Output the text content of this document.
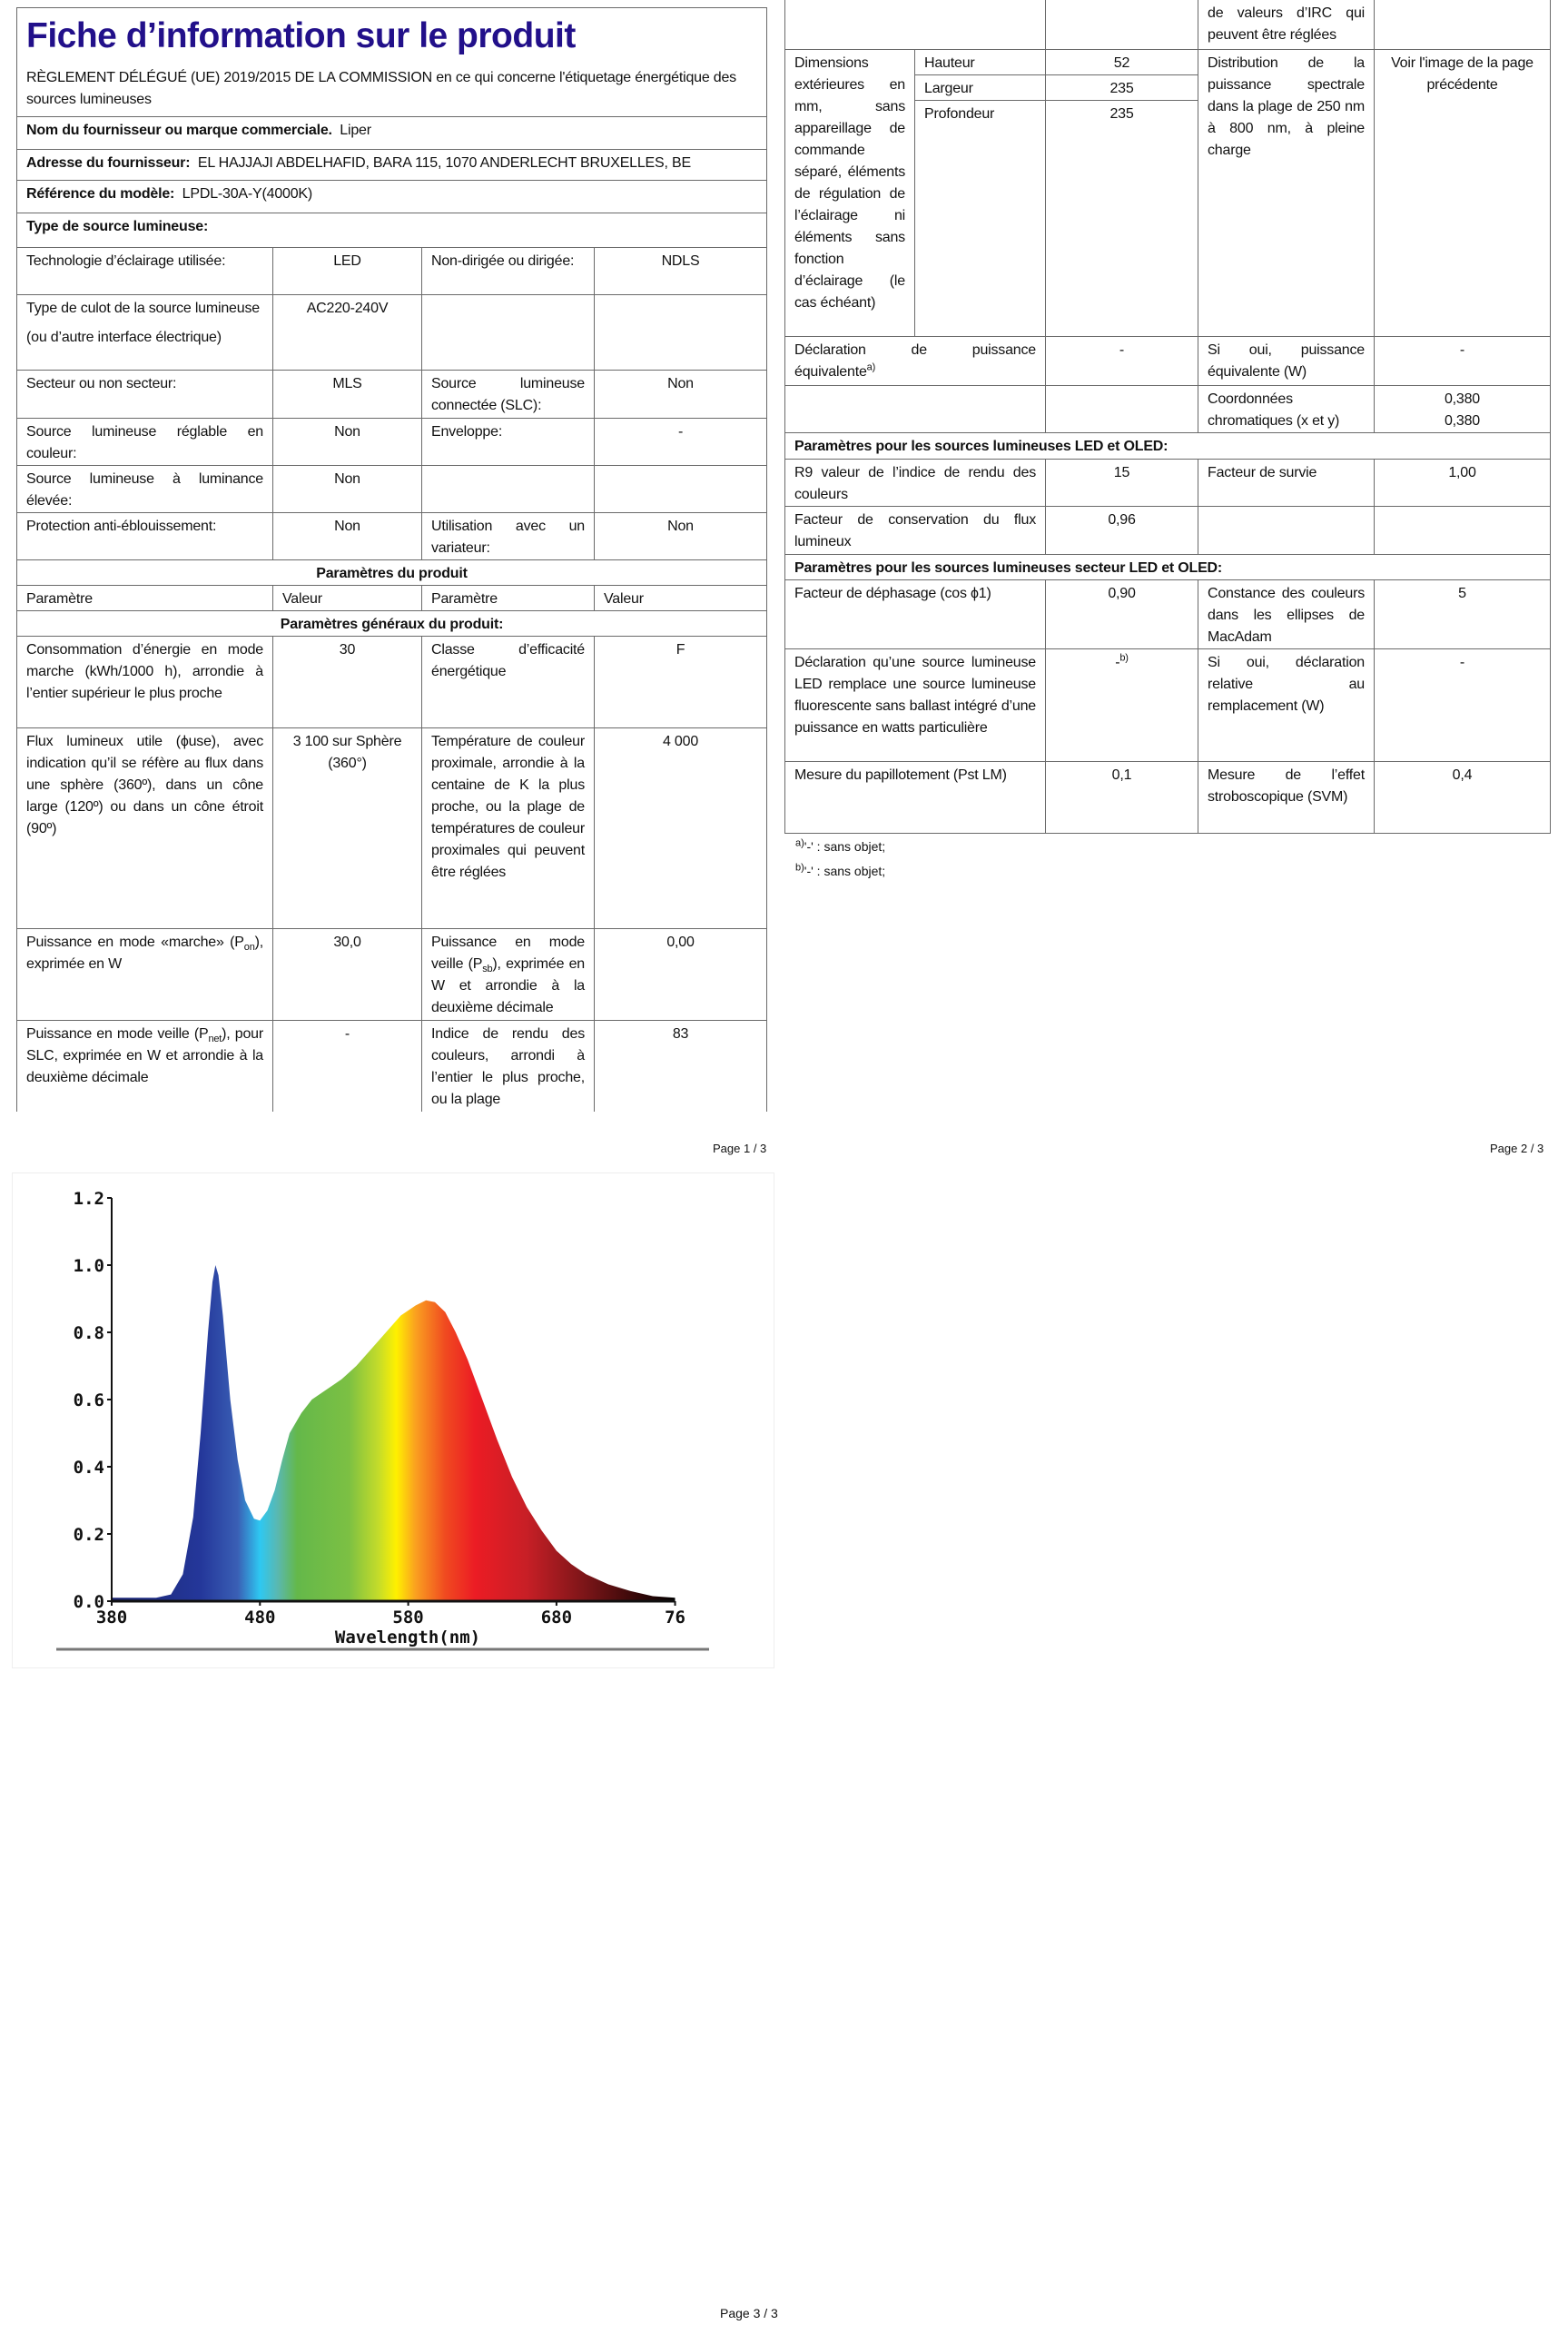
Fiche d’information sur le produit
RÈGLEMENT DÉLÉGUÉ (UE) 2019/2015 DE LA COMMISSION en ce qui concerne l'étiquetage énergétique des sources lumineuses			

Nom du fournisseur ou marque commerciale. Liper			
Adresse du fournisseur: EL HAJJAJI ABDELHAFID, BARA 115, 1070 ANDERLECHT BRUXELLES, BE			
Référence du modèle: LPDL-30A-Y(4000K)			
Type de source lumineuse:			
Technologie d’éclairage utilisée:	LED	Non-dirigée ou dirigée:	NDLS
Type de culot de la source lumineuse
(ou d’autre interface électrique)	AC220-240V		
Secteur ou non secteur:	MLS	Source lumineuse connectée (SLC):	Non
Source lumineuse réglable en couleur:	Non	Enveloppe:	-
Source lumineuse à luminance élevée:	Non		
Protection anti-éblouissement:	Non	Utilisation avec un variateur:	Non
Paramètres du produit			
Paramètre	Valeur	Paramètre	Valeur
Paramètres généraux du produit:			
Consommation d’énergie en mode marche (kWh/1000 h), arrondie à l’entier supérieur le plus proche	30	Classe d’efficacité énergétique	F
Flux lumineux utile (ϕuse), avec indication qu’il se réfère au flux dans une sphère (360º), dans un cône large (120º) ou dans un cône étroit (90º)	3 100 sur Sphère (360°)	Température de couleur proximale, arrondie à la centaine de K la plus proche, ou la plage de températures de couleur proximales qui peuvent être réglées	4 000
Puissance en mode «marche» $(P_{on})$, exprimée en W	30,0	Puissance en mode veille $(P_{sb})$, exprimée en W et arrondie à la deuxième décimale	0,00
Puissance en mode veille $(P_{net})$, pour SLC, exprimée en W et arrondie à la deuxième décimale	-	Indice de rendu des couleurs, arrondi à l’entier le plus proche, ou la plage	83
Page 1 / 3
			de valeurs d’IRC qui peuvent être réglées	
Dimensions extérieures en mm, sans appareillage de commande séparé, éléments de régulation de l’éclairage ni éléments sans fonction d’éclairage (le cas échéant)	Hauteur	52	Distribution de la puissance spectrale dans la plage de 250 nm à 800 nm, à pleine charge	Voir l'image de la page précédente
	Largeur	235		
	Profondeur	235		
Déclaration de puissance équivalente$^{a)}$		-	Si oui, puissance équivalente (W)	-
			Coordonnées chromatiques (x et y)	0,380
0,380
Paramètres pour les sources lumineuses LED et OLED:				
R9 valeur de l’indice de rendu des couleurs		15	Facteur de survie	1,00
Facteur de conservation du flux lumineux		0,96		
Paramètres pour les sources lumineuses secteur LED et OLED:				
Facteur de déphasage (cos ϕ1)		0,90	Constance des couleurs dans les ellipses de MacAdam	5
Déclaration qu’une source lumineuse LED remplace une source lumineuse fluorescente sans ballast intégré d’une puissance en watts particulière		-$^{b)}$	Si oui, déclaration relative au remplacement (W)	-
Mesure du papillotement (Pst LM)		0,1	Mesure de l’effet stroboscopique (SVM)	0,4
$^{a)}$'-' : sans objet;
$^{b)}$'-' : sans objet;
Page 2 / 3
0.0
0.2
0.4
0.6
0.8
1.0
1.2
380	480	580	680	76
Wavelength(nm)
Page 3 / 3
